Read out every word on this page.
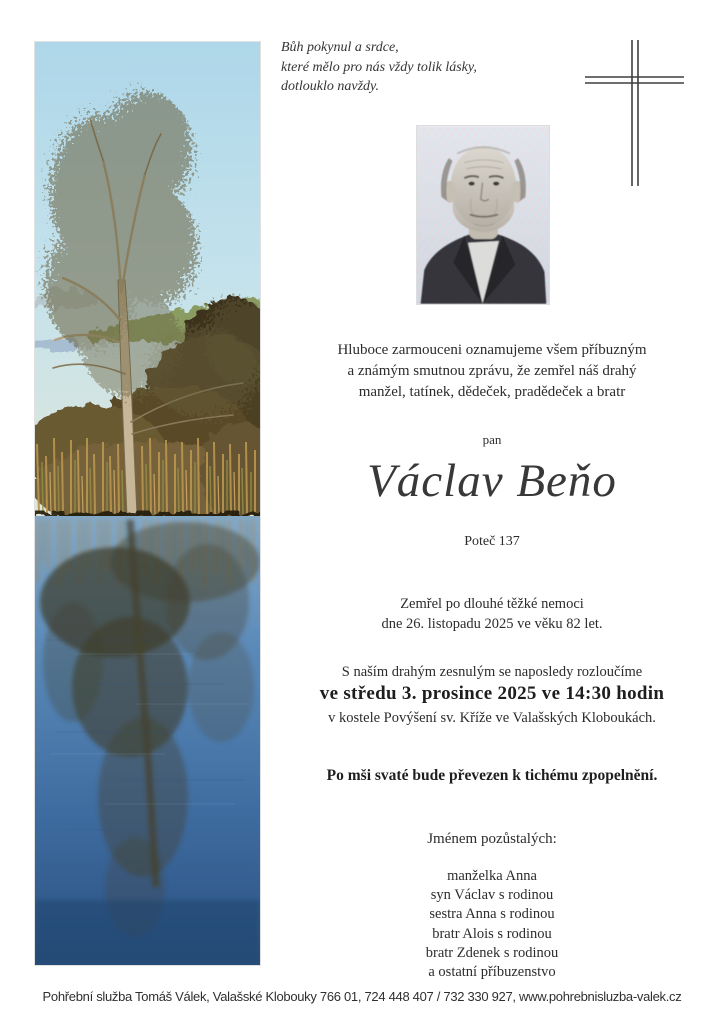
Bůh pokynul a srdce,
které mělo pro nás vždy tolik lásky,
dotlouklo navždy.
Hluboce zarmouceni oznamujeme všem příbuzným
a známým smutnou zprávu, že zemřel náš drahý
manžel, tatínek, dědeček, pradědeček a bratr
pan
Václav Beňo
Poteč 137
Zemřel po dlouhé těžké nemoci
dne 26. listopadu 2025 ve věku 82 let.
S naším drahým zesnulým se naposledy rozloučíme
ve středu 3. prosince 2025 ve 14:30 hodin
v kostele Povýšení sv. Kříže ve Valašských Kloboukách.
Po mši svaté bude převezen k tichému zpopelnění.
Jménem pozůstalých:
manželka Anna
syn Václav s rodinou
sestra Anna s rodinou
bratr Alois s rodinou
bratr Zdenek s rodinou
a ostatní příbuzenstvo
Pohřební služba Tomáš Válek, Valašské Klobouky 766 01, 724 448 407 / 732 330 927, www.pohrebnisluzba-valek.cz
